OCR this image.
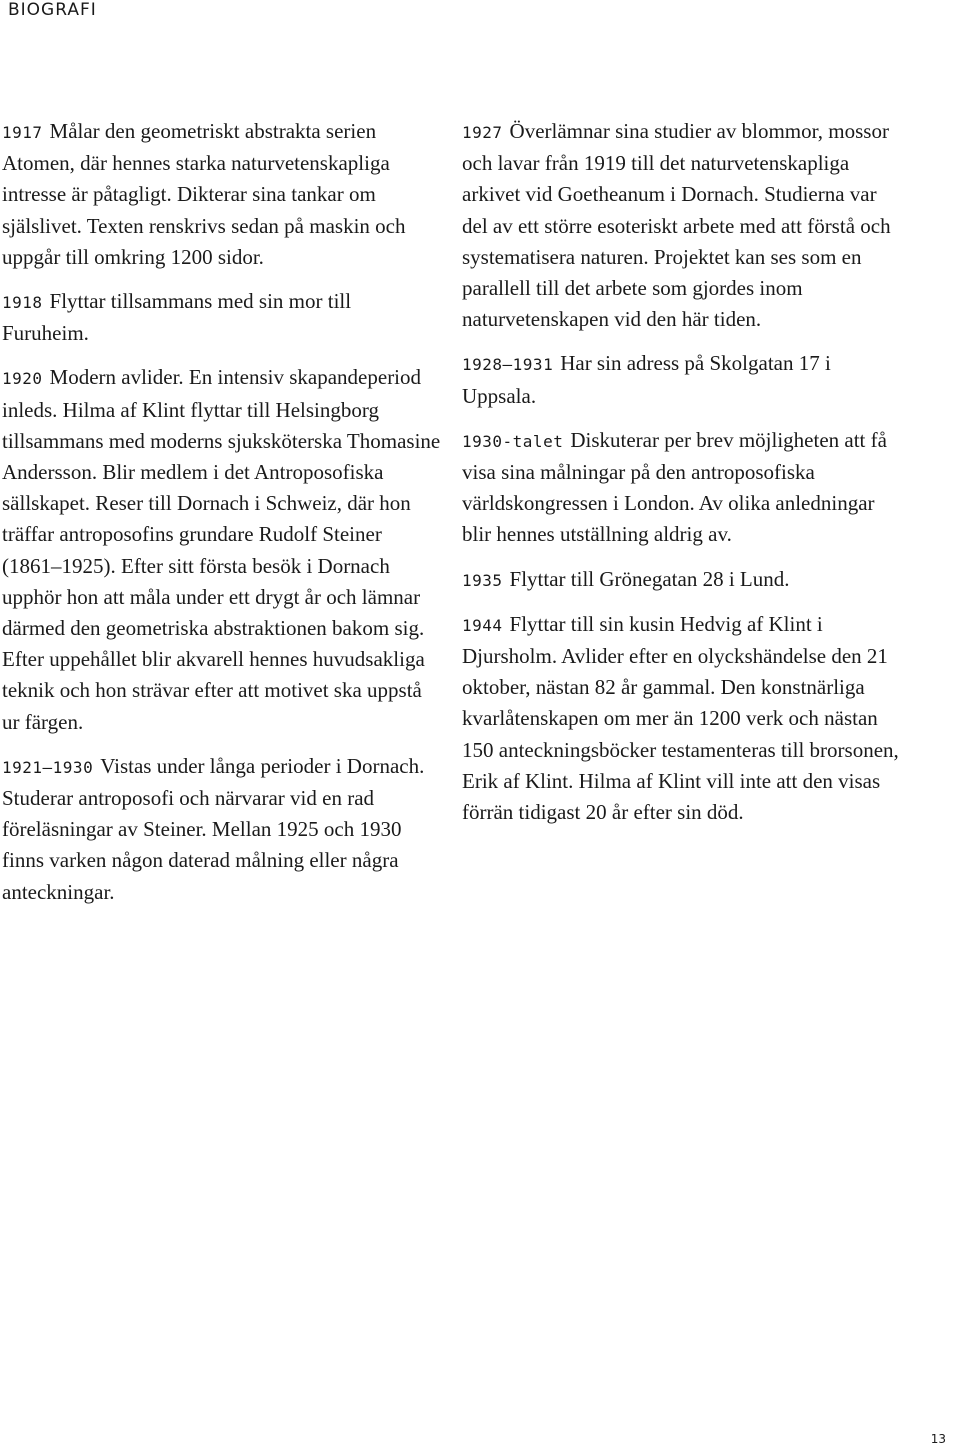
BIOGRAFI

1917 Målar den geometriskt abstrakta serien Atomen, där hennes starka naturvetenskapliga intresse är påtagligt. Dikterar sina tankar om själslivet. Texten renskrivs sedan på maskin och uppgår till omkring 1200 sidor.

1918 Flyttar tillsammans med sin mor till Furuheim.

1920 Modern avlider. En intensiv skapandeperiod inleds. Hilma af Klint flyttar till Helsingborg tillsammans med moderns sjuksköterska Thomasine Andersson. Blir medlem i det Antroposofiska sällskapet. Reser till Dornach i Schweiz, där hon träffar antroposofins grundare Rudolf Steiner (1861–1925). Efter sitt första besök i Dornach upphör hon att måla under ett drygt år och lämnar därmed den geometriska abstraktionen bakom sig. Efter uppehållet blir akvarell hennes huvudsakliga teknik och hon strävar efter att motivet ska uppstå ur färgen.

1921–1930 Vistas under långa perioder i Dornach. Studerar antroposofi och närvarar vid en rad föreläsningar av Steiner. Mellan 1925 och 1930 finns varken någon daterad målning eller några anteckningar.

1927 Överlämnar sina studier av blommor, mossor och lavar från 1919 till det naturvetenskapliga arkivet vid Goetheanum i Dornach. Studierna var del av ett större esoteriskt arbete med att förstå och systematisera naturen. Projektet kan ses som en parallell till det arbete som gjordes inom naturvetenskapen vid den här tiden.

1928–1931 Har sin adress på Skolgatan 17 i Uppsala.

1930-talet Diskuterar per brev möjligheten att få visa sina målningar på den antroposofiska världskongressen i London. Av olika anledningar blir hennes utställning aldrig av.

1935 Flyttar till Grönegatan 28 i Lund.

1944 Flyttar till sin kusin Hedvig af Klint i Djursholm. Avlider efter en olyckshändelse den 21 oktober, nästan 82 år gammal. Den konstnärliga kvarlåtenskapen om mer än 1200 verk och nästan 150 anteckningsböcker testamenteras till brorsonen, Erik af Klint. Hilma af Klint vill inte att den visas förrän tidigast 20 år efter sin död.

13
